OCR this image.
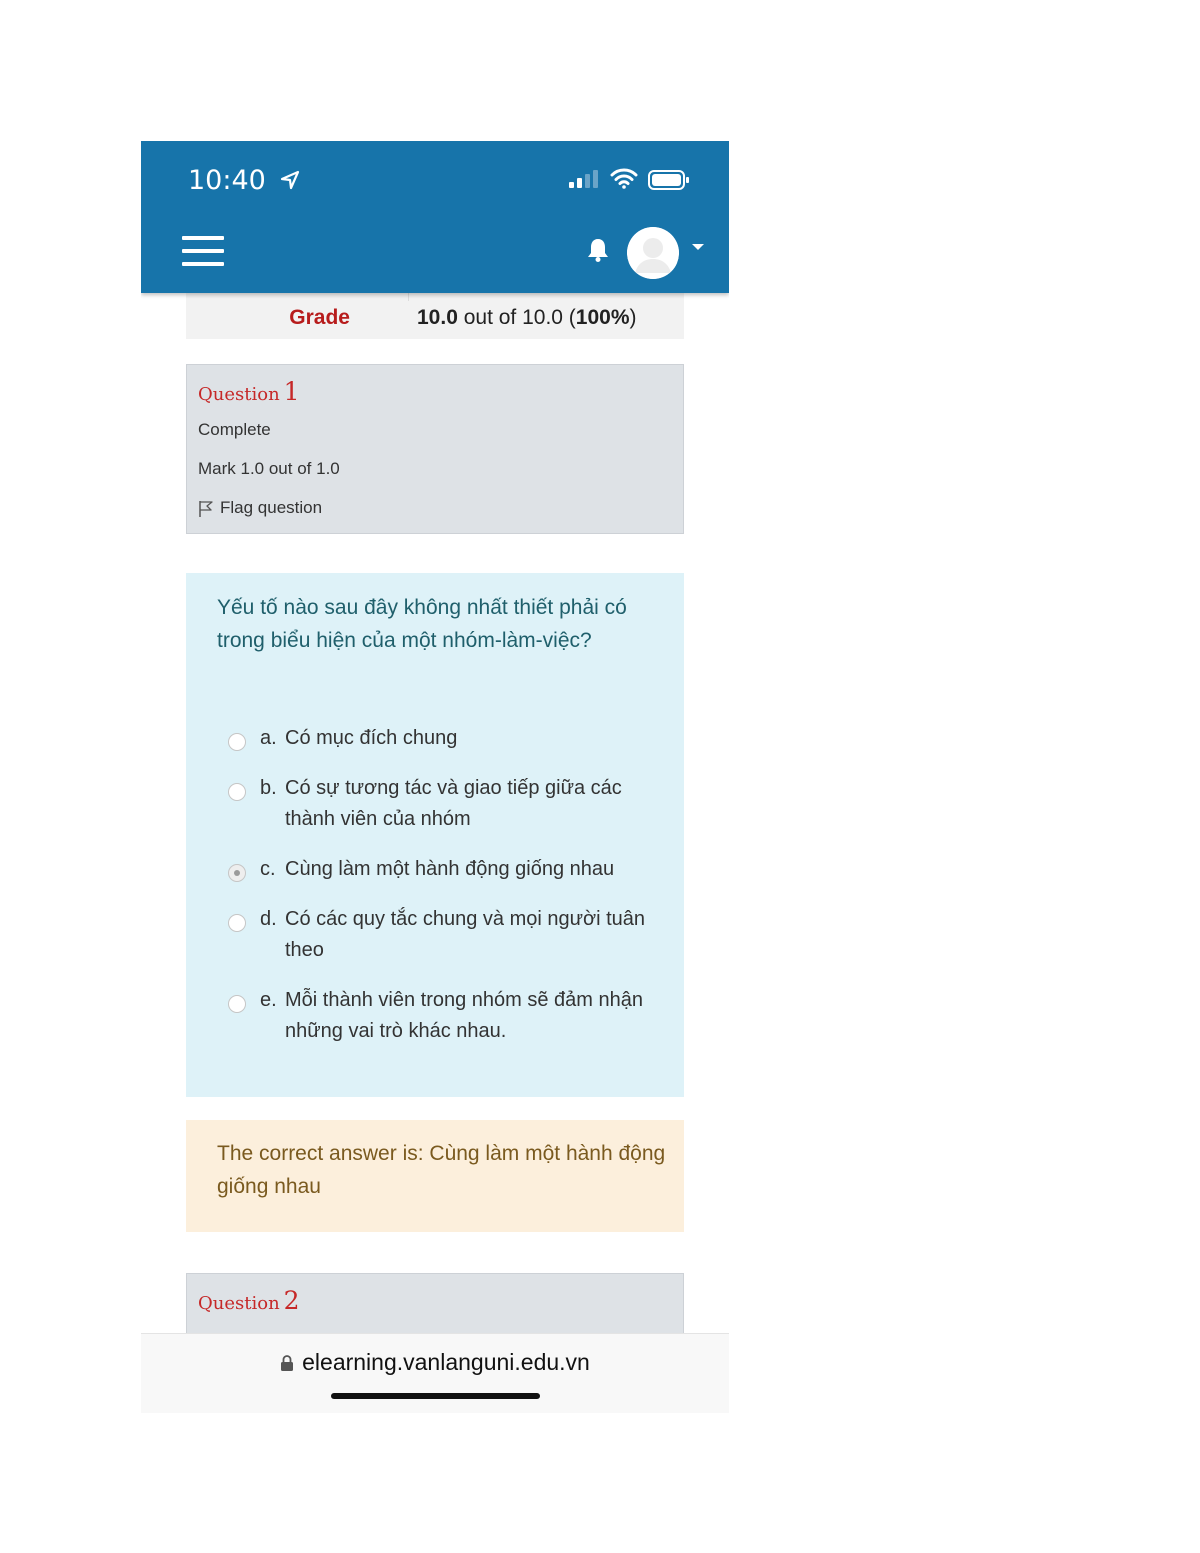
10:40
Grade	10.0 out of 10.0 (100%)
Question 1
Complete
Mark 1.0 out of 1.0
Flag question
Yếu tố nào sau đây không nhất thiết phải có trong biểu hiện của một nhóm-làm-việc?
a. Có mục đích chung
b. Có sự tương tác và giao tiếp giữa các thành viên của nhóm
c. Cùng làm một hành động giống nhau
d. Có các quy tắc chung và mọi người tuân theo
e. Mỗi thành viên trong nhóm sẽ đảm nhận những vai trò khác nhau.
The correct answer is: Cùng làm một hành động giống nhau
Question 2
elearning.vanlanguni.edu.vn
